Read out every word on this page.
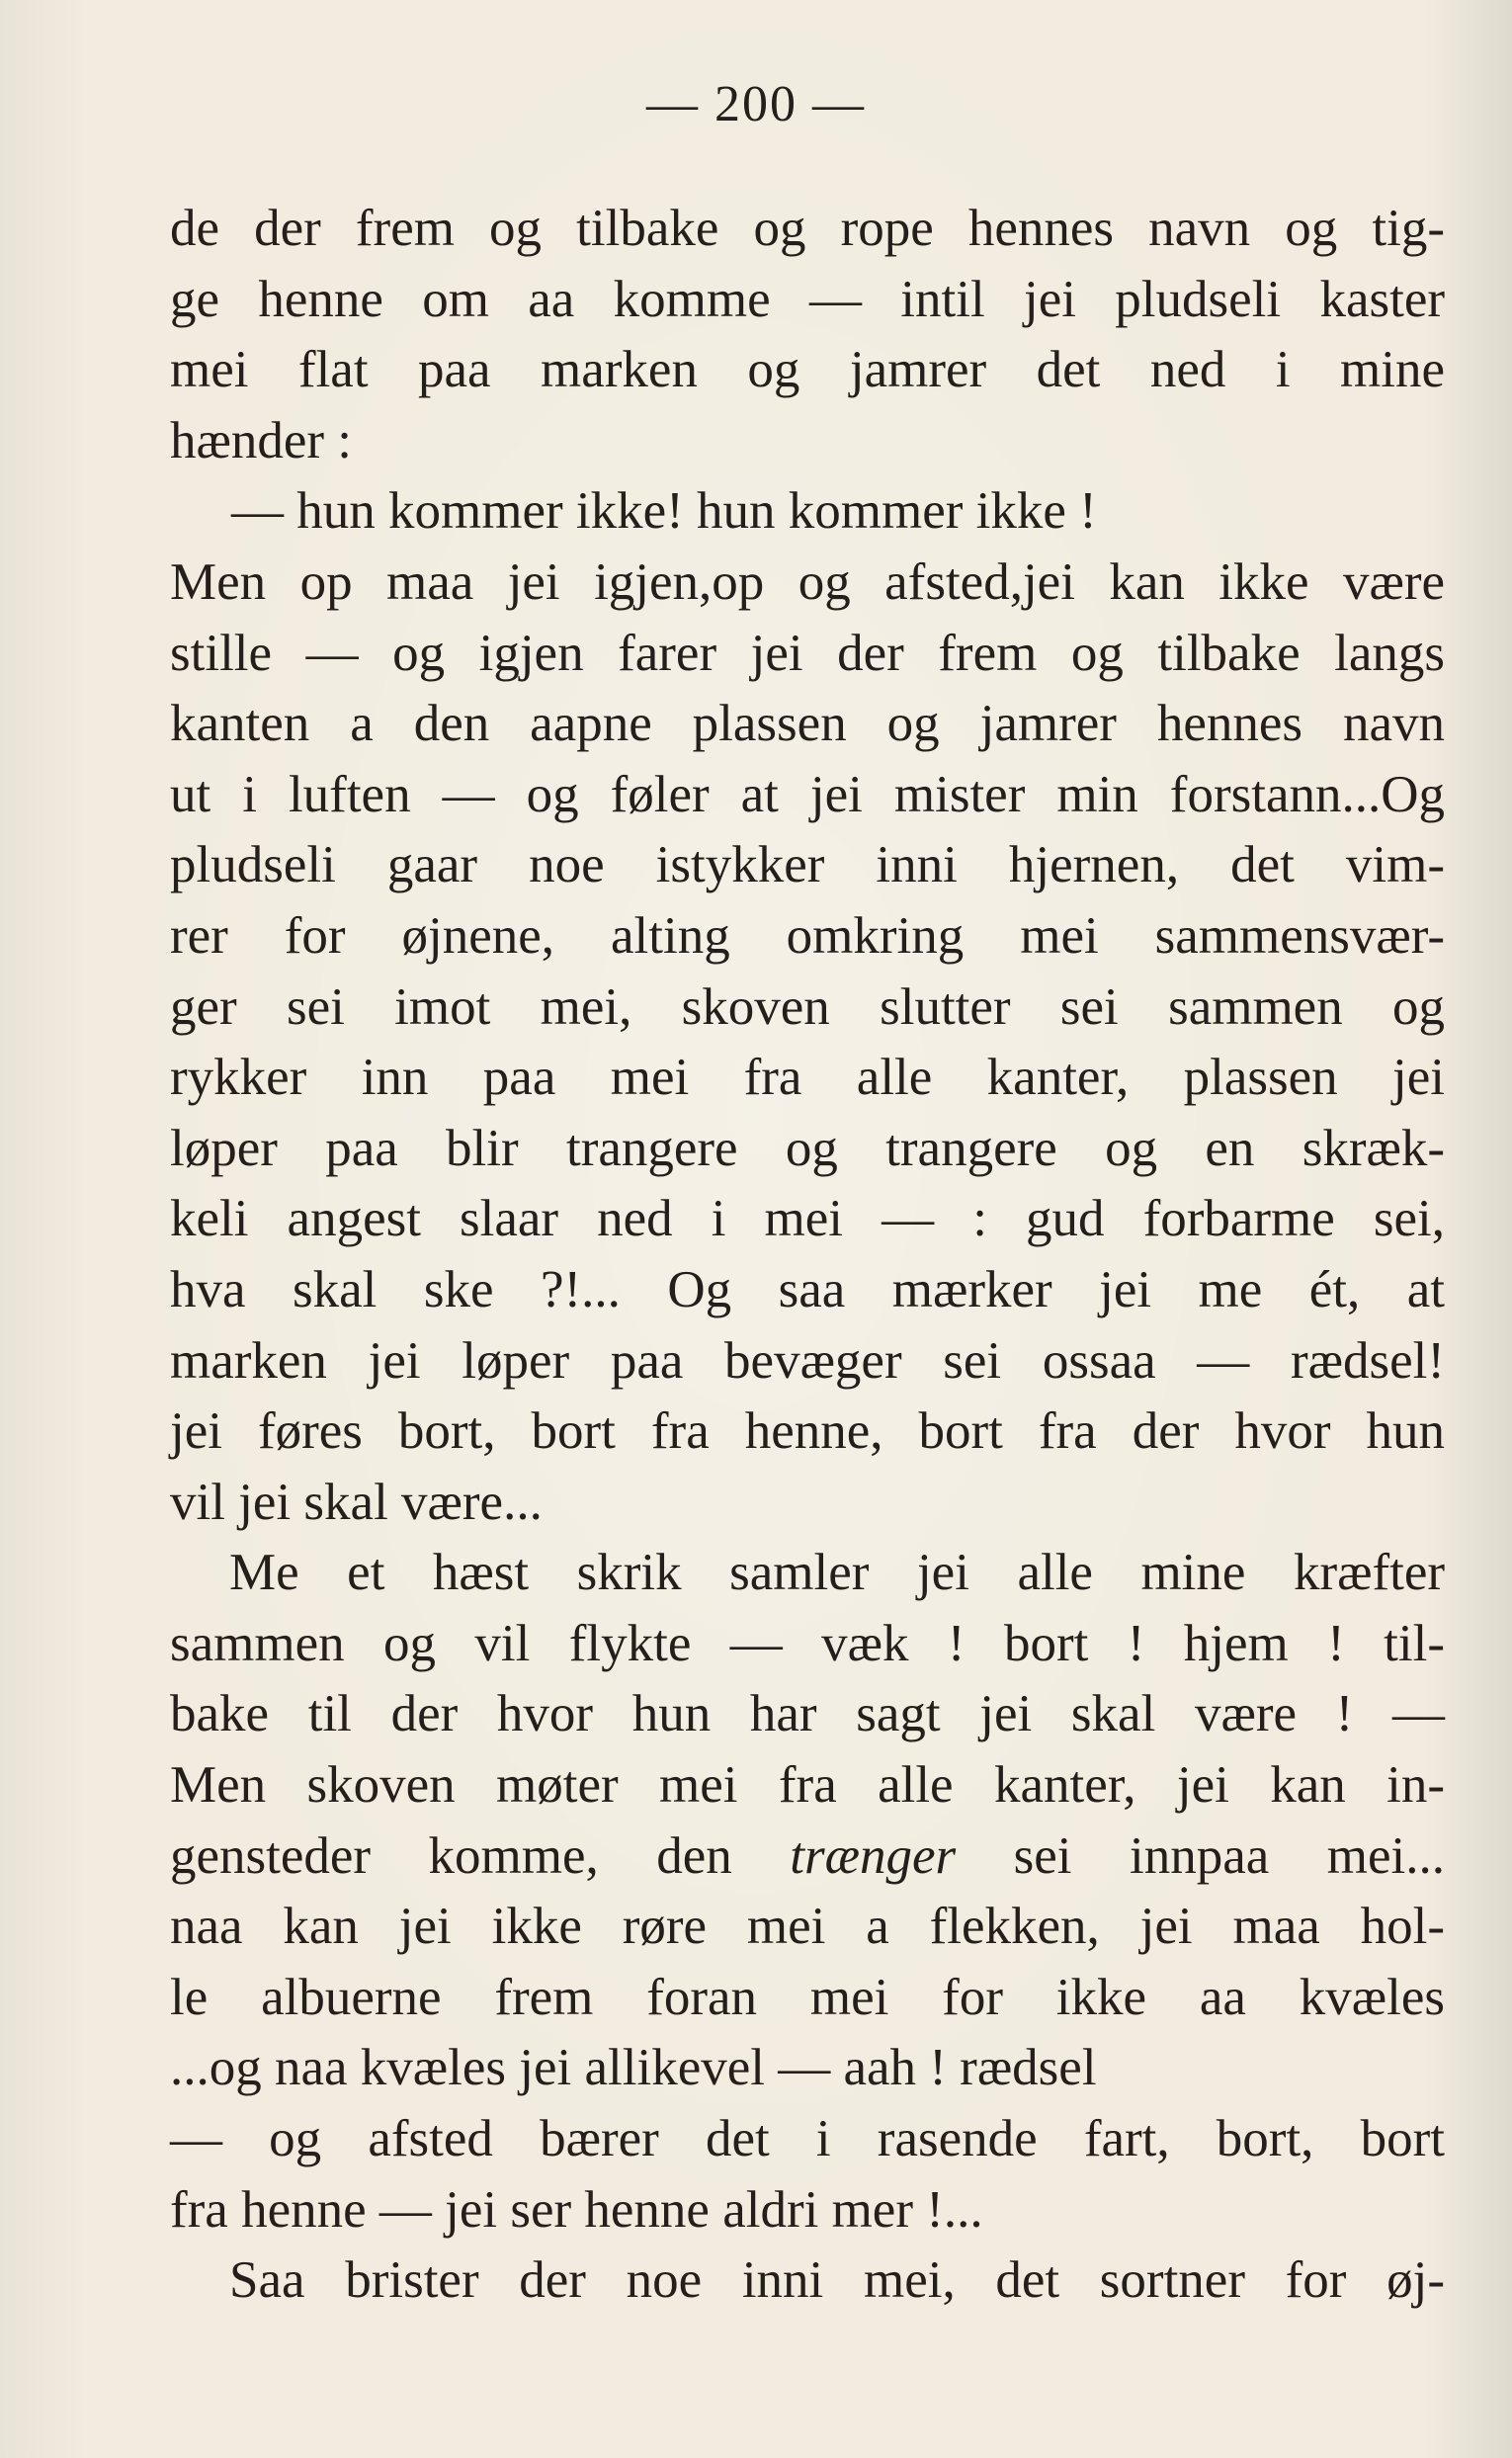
— 200 —
de der frem og tilbake og rope hennes navn og tig-
ge henne om aa komme — intil jei pludseli kaster
mei flat paa marken og jamrer det ned i mine
hænder :
— hun kommer ikke! hun kommer ikke !
Men op maa jei igjen,op og afsted,jei kan ikke være
stille — og igjen farer jei der frem og tilbake langs
kanten a den aapne plassen og jamrer hennes navn
ut i luften — og føler at jei mister min forstann...Og
pludseli gaar noe istykker inni hjernen, det vim-
rer for øjnene, alting omkring mei sammensvær-
ger sei imot mei, skoven slutter sei sammen og
rykker inn paa mei fra alle kanter, plassen jei
løper paa blir trangere og trangere og en skræk-
keli angest slaar ned i mei — : gud forbarme sei,
hva skal ske ?!... Og saa mærker jei me ét, at
marken jei løper paa bevæger sei ossaa — rædsel!
jei føres bort, bort fra henne, bort fra der hvor hun
vil jei skal være...
Me et hæst skrik samler jei alle mine kræfter
sammen og vil flykte — væk ! bort ! hjem ! til-
bake til der hvor hun har sagt jei skal være ! —
Men skoven møter mei fra alle kanter, jei kan in-
gensteder komme, den trænger sei innpaa mei...
naa kan jei ikke røre mei a flekken, jei maa hol-
le albuerne frem foran mei for ikke aa kvæles
...og naa kvæles jei allikevel — aah ! rædsel
— og afsted bærer det i rasende fart, bort, bort
fra henne — jei ser henne aldri mer !...
Saa brister der noe inni mei, det sortner for øj-
